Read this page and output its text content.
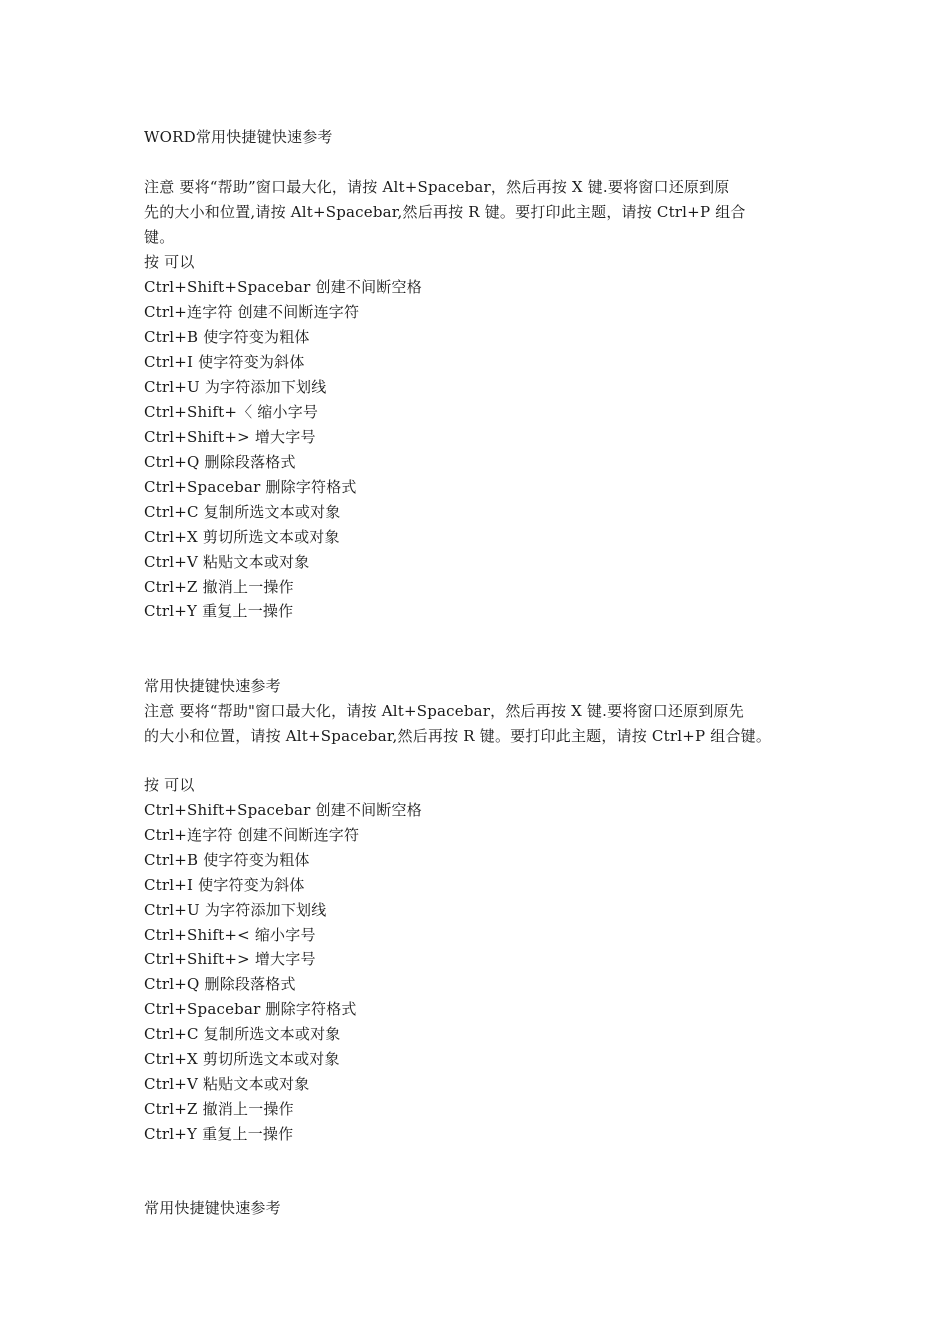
WORD常用快捷键快速参考
注意 要将“帮助”窗口最大化，请按 Alt+Spacebar，然后再按 X 键.要将窗口还原到原
先的大小和位置,请按 Alt+Spacebar,然后再按 R 键。要打印此主题，请按 Ctrl+P 组合
键。
按 可以
Ctrl+Shift+Spacebar 创建不间断空格
Ctrl+连字符 创建不间断连字符
Ctrl+B 使字符变为粗体
Ctrl+I 使字符变为斜体
Ctrl+U 为字符添加下划线
Ctrl+Shift+〈 缩小字号
Ctrl+Shift+> 增大字号
Ctrl+Q 删除段落格式
Ctrl+Spacebar 删除字符格式
Ctrl+C 复制所选文本或对象
Ctrl+X 剪切所选文本或对象
Ctrl+V 粘贴文本或对象
Ctrl+Z 撤消上一操作
Ctrl+Y 重复上一操作
常用快捷键快速参考
注意 要将“帮助"窗口最大化，请按 Alt+Spacebar，然后再按 X 键.要将窗口还原到原先
的大小和位置，请按 Alt+Spacebar,然后再按 R 键。要打印此主题，请按 Ctrl+P 组合键。
按 可以
Ctrl+Shift+Spacebar 创建不间断空格
Ctrl+连字符 创建不间断连字符
Ctrl+B 使字符变为粗体
Ctrl+I 使字符变为斜体
Ctrl+U 为字符添加下划线
Ctrl+Shift+< 缩小字号
Ctrl+Shift+> 增大字号
Ctrl+Q 删除段落格式
Ctrl+Spacebar 删除字符格式
Ctrl+C 复制所选文本或对象
Ctrl+X 剪切所选文本或对象
Ctrl+V 粘贴文本或对象
Ctrl+Z 撤消上一操作
Ctrl+Y 重复上一操作
常用快捷键快速参考
